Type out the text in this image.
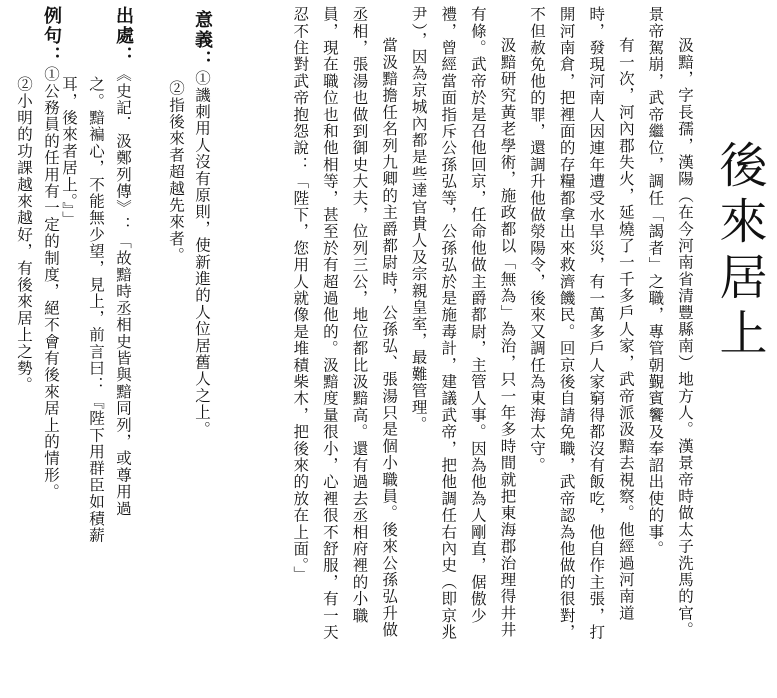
後來居上

汲黯，字長孺，漢陽（在今河南省清豐縣南）地方人。漢景帝時做太子洗馬的官。景帝駕崩，武帝繼位，調任「謁者」之職，專管朝覲賓饗及奉詔出使的事。

有一次，河內郡失火，延燒了一千多戶人家，武帝派汲黯去視察。他經過河南道時，發現河南人因連年遭受水旱災，有一萬多戶人家窮得都沒有飯吃，他自作主張，打開河南倉，把裡面的存糧都拿出來救濟饑民。回京後自請免職，武帝認為他做的很對，不但赦免他的罪，還調升他做滎陽令，後來又調任為東海太守。

汲黯研究黃老學術，施政都以「無為」為治，只一年多時間就把東海郡治理得井井有條。武帝於是召他回京，任命他做主爵都尉，主管人事。因為他為人剛直，倨傲少禮，曾經當面指斥公孫弘等，公孫弘於是施毒計，建議武帝，把他調任右內史（即京兆尹），因為京城內都是些達官貴人及宗親皇室，最難管理。

當汲黯擔任名列九卿的主爵都尉時，公孫弘、張湯只是個小職員。後來公孫弘升做丞相，張湯也做到御史大夫，位列三公，地位都比汲黯高。還有過去丞相府裡的小職員，現在職位也和他相等，甚至於有超過他的。汲黯度量很小，心裡很不舒服，有一天忍不住對武帝抱怨說：「陛下，您用人就像是堆積柴木，把後來的放在上面。」

意義：①譏刺用人沒有原則，使新進的人位居舊人之上。
②指後來者超越先來者。
出處：《史記．汲鄭列傳》：「故黯時丞相史皆與黯同列，或尊用過
之。黯褊心，不能無少望，見上，前言曰：『陛下用群臣如積薪
耳，後來者居上。』」
例句：①公務員的任用有一定的制度，絕不會有後來居上的情形。
②小明的功課越來越好，有後來居上之勢。
